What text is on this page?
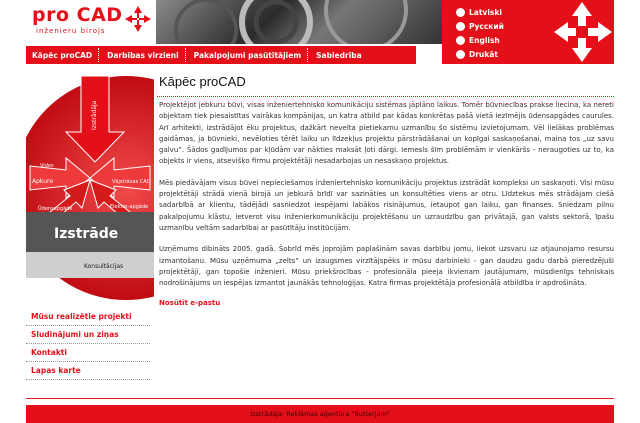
pro CAD
inženieru birojs
Latviski
Русский
English
Drukāt
Kāpēc proCAD	Darbības virzieni	Pakalpojumi pasūtītājiem	Sabiedrība
Izstrāde
Konsultācijas
Izstrādāja
Apkure
Vides
Vājstrāvas CAD
Elektro-apgāde
Ūdensapgāde
Mūsu realizētie projekti
Sludinājumi un ziņas
Kontakti
Lapas karte
Kāpēc proCAD

Projektējot jebkuru būvi, visas inženiertehnisko komunikāciju sistēmas jāplāno laikus. Tomēr būvniecības prakse liecina, ka nereti objektam tiek piesaistītas vairākas kompānijas, un katra atbild par kādas konkrētas pašā vietā iezīmējis ūdensapgādes caurules. Arī arhitekti, izstrādājot ēku projektus, dažkārt nevelta pietiekamu uzmanību šo sistēmu izvietojumam. Vēl lielākas problēmas gaidāmas, ja būvnieki, nevēloties tērēt laiku un līdzekļus projektu pārstrādāšanai un kopīgai saskaņošanai, maina tos „uz savu galvu”. Šādos gadījumos par kļūdām var nākties maksāt ļoti dārgi. Iemesls šīm problēmām ir vienkāršs - neraugoties uz to, ka objekts ir viens, atsevišķo firmu projektētāji nesadarbojas un nesaskaņo projektus.

Mēs piedāvājam visus būvei nepieciešamos inženiertehnisko komunikāciju projektus izstrādāt kompleksi un saskaņoti. Visi mūsu projektētāji strādā vienā birojā un jebkurā brīdī var sazināties un konsultēties viens ar otru. Līdztekus mēs strādājam ciešā sadarbībā ar klientu, tādējādi sasniedzot iespējami labākos risinājumus, ietaupot gan laiku, gan finanses. Sniedzam pilnu pakalpojumu klāstu, ietverot visu inženierkomunikāciju projektēšanu un uzraudzību gan privātajā, gan valsts sektorā, īpašu uzmanību veltām sadarbībai ar pasūtītāju institūcijām.

Uzņēmums dibināts 2005. gadā. Šobrīd mēs joprojām paplašinām savas darbību jomu, liekot uzsvaru uz atjaunojamo resursu izmantošanu. Mūsu uzņēmuma „zelts” un izaugsmes virzītājspēks ir mūsu darbinieki - gan daudzu gadu darbā pieredzējuši projektētāji, gan topošie inženieri. Mūsu priekšrocības - profesionāla pieeja ikvienam jautājumam, mūsdienīgs tehniskais nodrošinājums un iespējas izmantot jaunākās tehnoloģijas. Katra firmas projektētāja profesionālā atbildība ir apdrošināta.

Nosūtīt e-pastu
Izstrādāja: Reklāmas aģentūra "Butterjam"
